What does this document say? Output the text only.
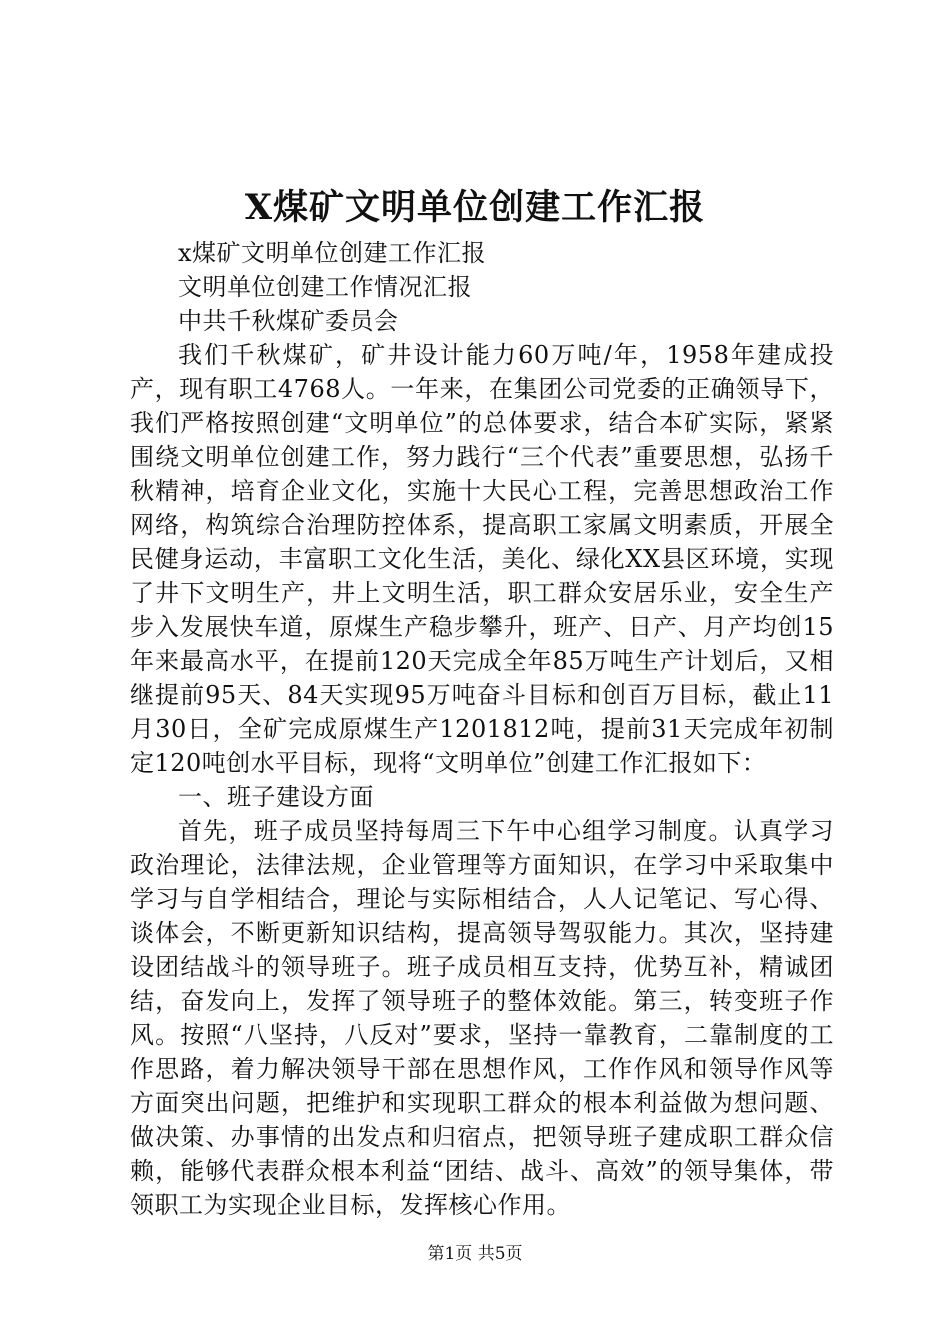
X煤矿文明单位创建工作汇报

x煤矿文明单位创建工作汇报

文明单位创建工作情况汇报

中共千秋煤矿委员会

我们千秋煤矿，矿井设计能力60万吨/年，1958年建成投产，现有职工4768人。一年来，在集团公司党委的正确领导下，我们严格按照创建“文明单位”的总体要求，结合本矿实际，紧紧围绕文明单位创建工作，努力践行“三个代表”重要思想，弘扬千秋精神，培育企业文化，实施十大民心工程，完善思想政治工作网络，构筑综合治理防控体系，提高职工家属文明素质，开展全民健身运动，丰富职工文化生活，美化、绿化XX县区环境，实现了井下文明生产，井上文明生活，职工群众安居乐业，安全生产步入发展快车道，原煤生产稳步攀升，班产、日产、月产均创15年来最高水平，在提前120天完成全年85万吨生产计划后，又相继提前95天、84天实现95万吨奋斗目标和创百万目标，截止11月30日，全矿完成原煤生产1201812吨，提前31天完成年初制定120吨创水平目标，现将“文明单位”创建工作汇报如下：

一、班子建设方面

首先，班子成员坚持每周三下午中心组学习制度。认真学习政治理论，法律法规，企业管理等方面知识，在学习中采取集中学习与自学相结合，理论与实际相结合，人人记笔记、写心得、谈体会，不断更新知识结构，提高领导驾驭能力。其次，坚持建设团结战斗的领导班子。班子成员相互支持，优势互补，精诚团结，奋发向上，发挥了领导班子的整体效能。第三，转变班子作风。按照“八坚持，八反对”要求，坚持一靠教育，二靠制度的工作思路，着力解决领导干部在思想作风，工作作风和领导作风等方面突出问题，把维护和实现职工群众的根本利益做为想问题、做决策、办事情的出发点和归宿点，把领导班子建成职工群众信赖，能够代表群众根本利益“团结、战斗、高效”的领导集体，带领职工为实现企业目标，发挥核心作用。

第1页 共5页
